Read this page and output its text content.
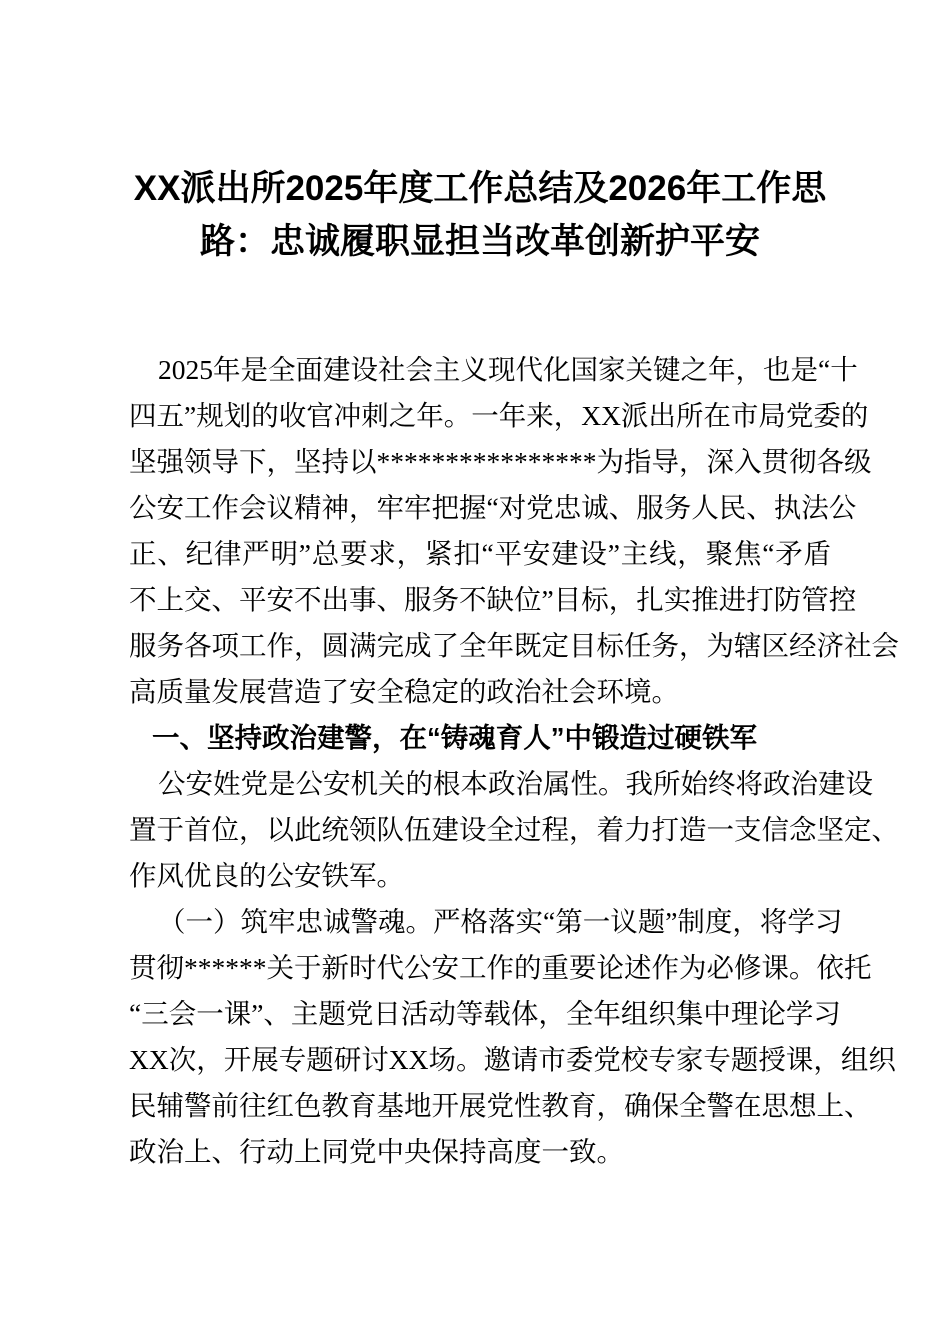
XX派出所2025年度工作总结及2026年工作思
路：忠诚履职显担当改革创新护平安
2025年是全面建设社会主义现代化国家关键之年，也是“十
四五”规划的收官冲刺之年。一年来，XX派出所在市局党委的
坚强领导下，坚持以****************为指导，深入贯彻各级
公安工作会议精神，牢牢把握“对党忠诚、服务人民、执法公
正、纪律严明”总要求，紧扣“平安建设”主线，聚焦“矛盾
不上交、平安不出事、服务不缺位”目标，扎实推进打防管控
服务各项工作，圆满完成了全年既定目标任务，为辖区经济社会
高质量发展营造了安全稳定的政治社会环境。
一、坚持政治建警，在“铸魂育人”中锻造过硬铁军
公安姓党是公安机关的根本政治属性。我所始终将政治建设
置于首位，以此统领队伍建设全过程，着力打造一支信念坚定、
作风优良的公安铁军。
（一）筑牢忠诚警魂。严格落实“第一议题”制度，将学习
贯彻******关于新时代公安工作的重要论述作为必修课。依托
“三会一课”、主题党日活动等载体，全年组织集中理论学习
XX次，开展专题研讨XX场。邀请市委党校专家专题授课，组织
民辅警前往红色教育基地开展党性教育，确保全警在思想上、
政治上、行动上同党中央保持高度一致。
